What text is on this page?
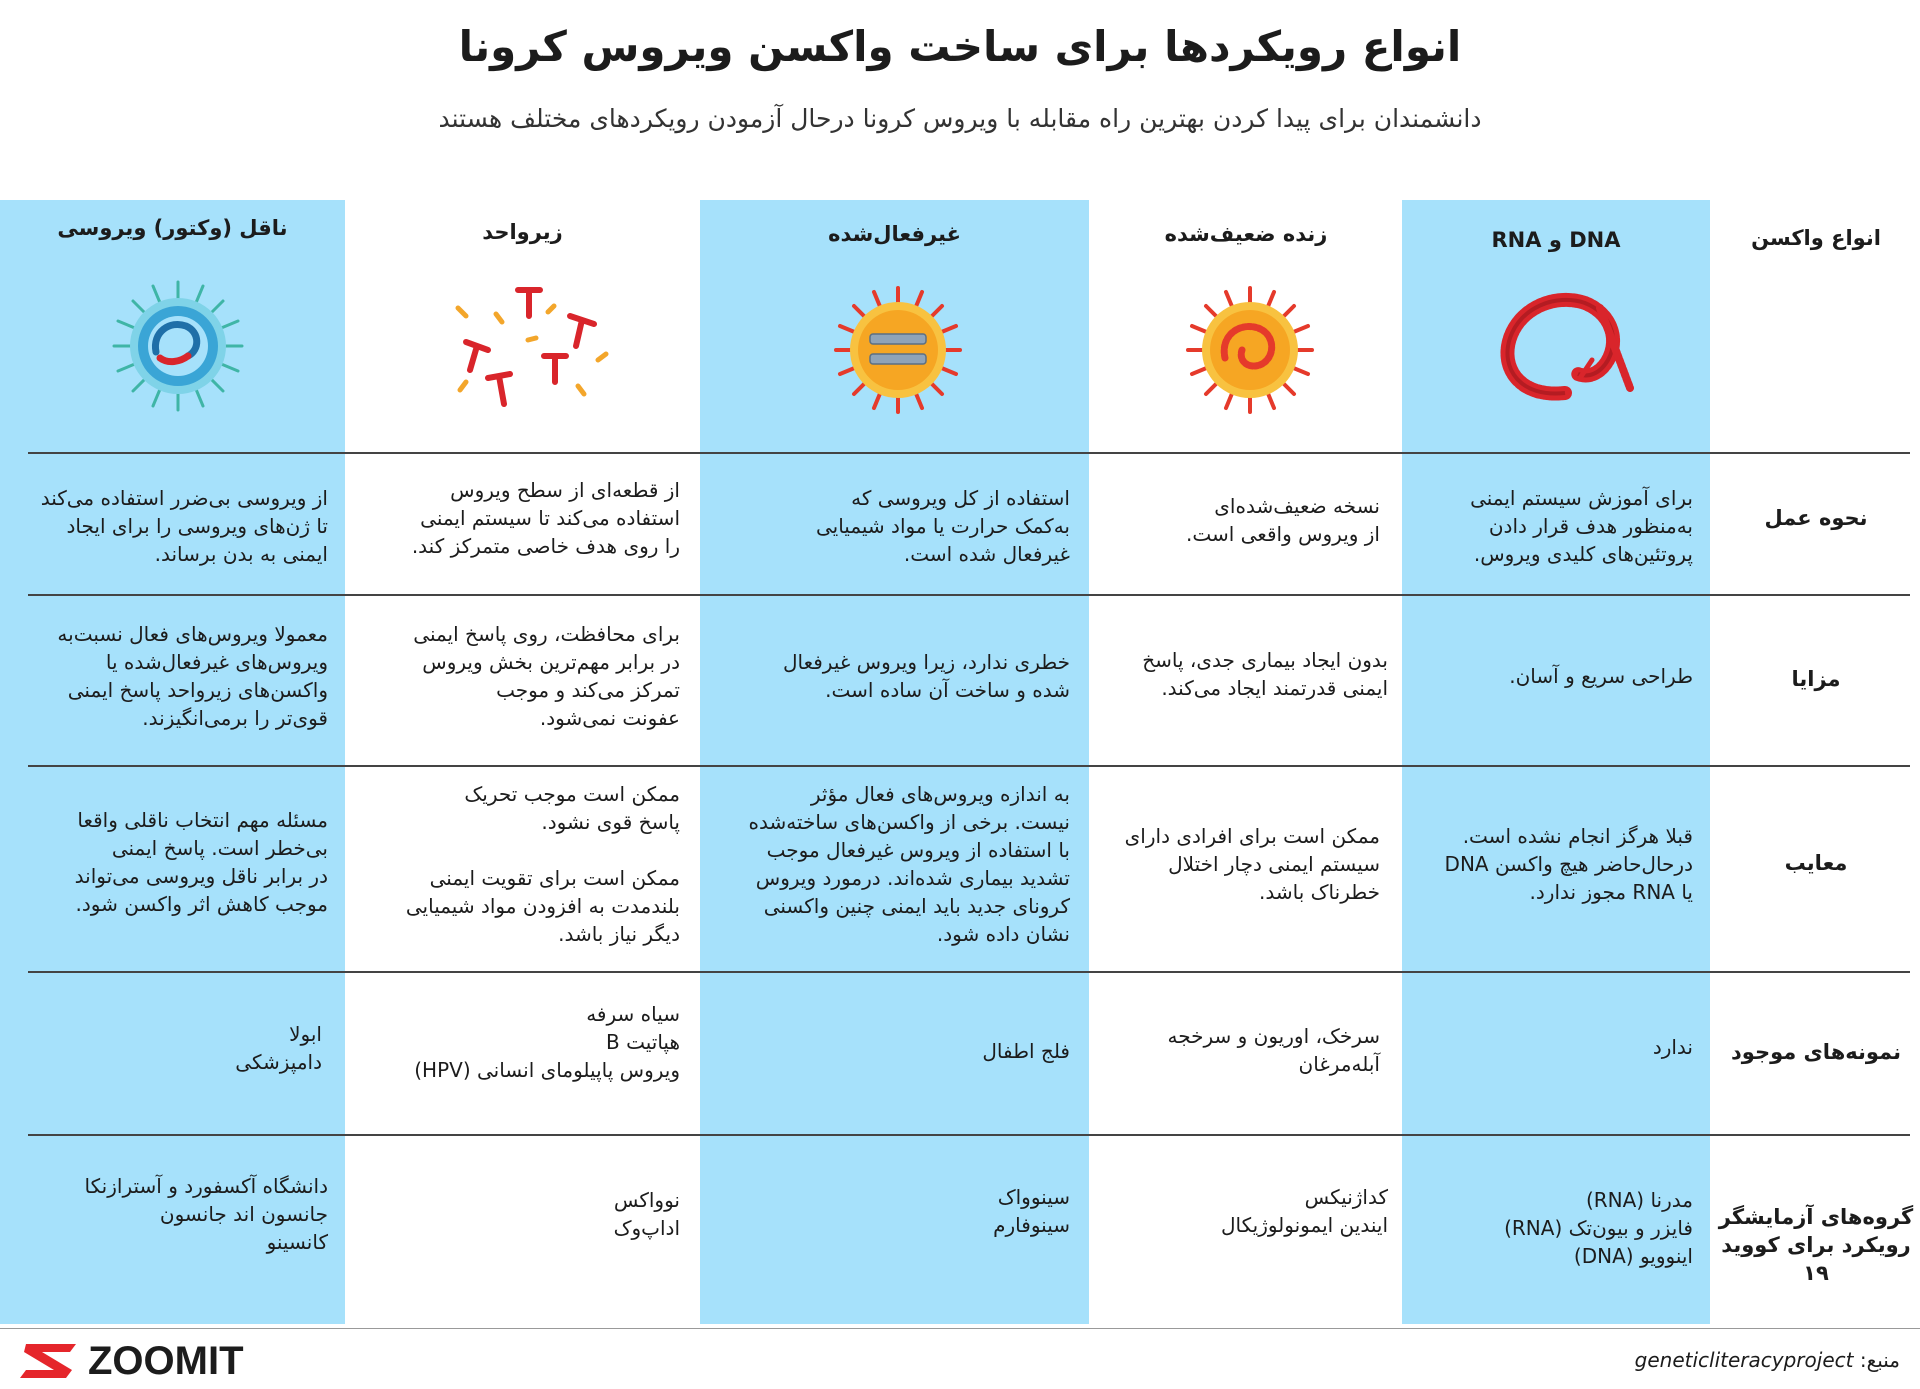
انواع رویکردها برای ساخت واکسن ویروس کرونا
دانشمندان برای پیدا کردن بهترین راه مقابله با ویروس کرونا درحال آزمودن رویکردهای مختلف هستند
انواع واکسن
DNA و RNA
زنده ضعیف‌شده
غیرفعال‌شده
زیرواحد
ناقل (وکتور) ویروسی
نحوه عمل
مزایا
معایب
نمونه‌های موجود
گروه‌های آزمایشگر
رویکرد برای کووید ۱۹
برای آموزش سیستم ایمنی
به‌منظور هدف قرار دادن
پروتئین‌های کلیدی ویروس.
نسخه ضعیف‌شده‌ای
از ویروس واقعی است.
استفاده از کل ویروسی که
به‌کمک حرارت یا مواد شیمیایی
غیرفعال شده است.
از قطعه‌ای از سطح ویروس
استفاده می‌کند تا سیستم ایمنی
را روی هدف خاصی متمرکز کند.
از ویروسی بی‌ضرر استفاده می‌کند
تا ژن‌های ویروسی را برای ایجاد
ایمنی به بدن برساند.
طراحی سریع و آسان.
بدون ایجاد بیماری جدی، پاسخ
ایمنی قدرتمند ایجاد می‌کند.
خطری ندارد، زیرا ویروس غیرفعال
شده و ساخت آن ساده است.
برای محافظت، روی پاسخ ایمنی
در برابر مهم‌ترین بخش ویروس
تمرکز می‌کند و موجب
عفونت نمی‌شود.
معمولا ویروس‌های فعال نسبت‌به
ویروس‌های غیرفعال‌شده یا
واکسن‌های زیرواحد پاسخ ایمنی
قوی‌تر را برمی‌انگیزند.
قبلا هرگز انجام نشده است.
درحال‌حاضر هیچ واکسن DNA
یا RNA مجوز ندارد.
ممکن است برای افرادی دارای
سیستم ایمنی دچار اختلال
خطرناک باشد.
به اندازه ویروس‌های فعال مؤثر
نیست. برخی از واکسن‌های ساخته‌شده
با استفاده از ویروس غیرفعال موجب
تشدید بیماری شده‌اند. درمورد ویروس
کرونای جدید باید ایمنی چنین واکسنی
نشان داده شود.
ممکن است موجب تحریک
پاسخ قوی نشود.

ممکن است برای تقویت ایمنی
بلندمدت به افزودن مواد شیمیایی
دیگر نیاز باشد.
مسئله مهم انتخاب ناقلی واقعا
بی‌خطر است. پاسخ ایمنی
در برابر ناقل ویروسی می‌تواند
موجب کاهش اثر واکسن شود.
ندارد
سرخک، اوریون و سرخجه
آبله‌مرغان
فلج اطفال
سیاه سرفه
هپاتیت B
ویروس پاپیلومای انسانی (HPV)
ابولا
دامپزشکی
مدرنا (RNA)
فایزر و بیون‌تک (RNA)
اینوویو (DNA)
کداژنیکس
ایندین ایمونولوژیکال
سینوواک
سینوفارم
نوواکس
اداپ‌وک
دانشگاه آکسفورد و آسترازنکا
جانسون اند جانسون
کانسینو
ZOOMIT	منبع: geneticliteracyproject
